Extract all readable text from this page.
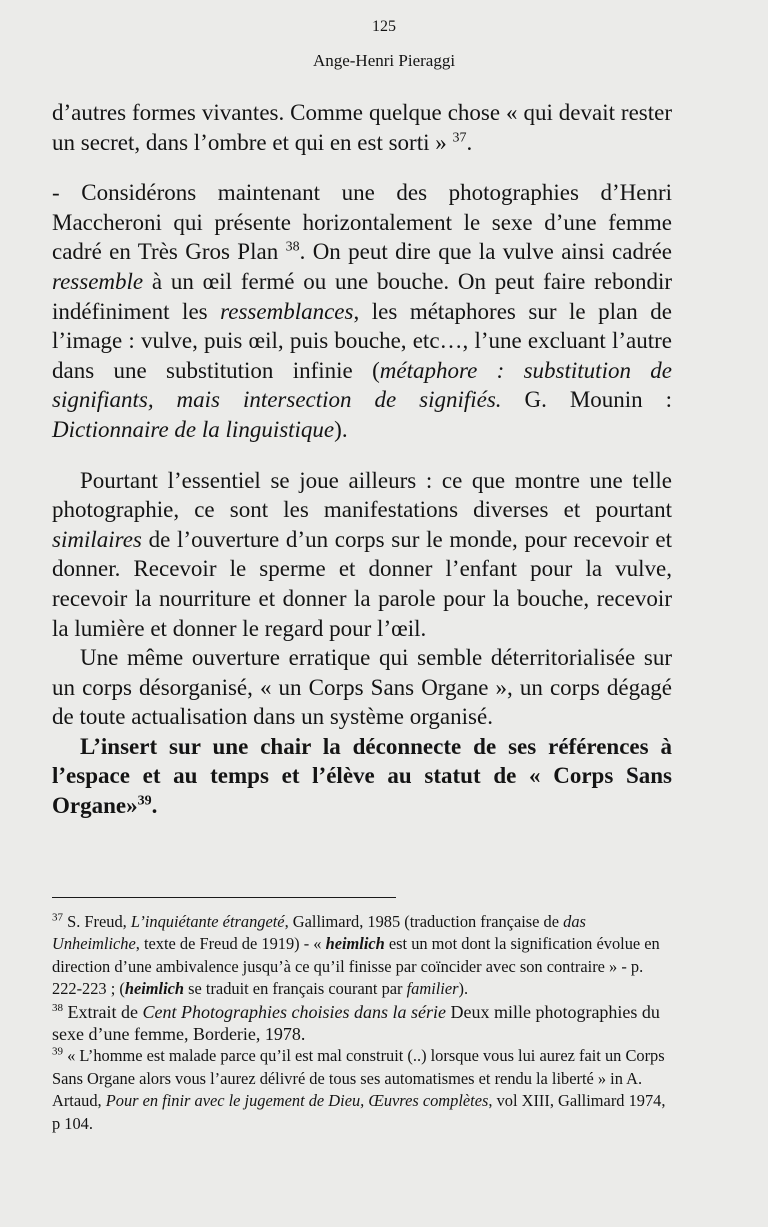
125
Ange-Henri Pieraggi

d’autres formes vivantes. Comme quelque chose « qui devait rester un secret, dans l’ombre et qui en est sorti » $^{37}$.

- Considérons maintenant une des photographies d’Henri Maccheroni qui présente horizontalement le sexe d’une femme cadré en Très Gros Plan $^{38}$. On peut dire que la vulve ainsi cadrée ressemble à un œil fermé ou une bouche. On peut faire rebondir indéfiniment les ressemblances, les métaphores sur le plan de l’image : vulve, puis œil, puis bouche, etc…, l’une excluant l’autre dans une substitution infinie (métaphore : substitution de signifiants, mais intersection de signifiés. G. Mounin : Dictionnaire de la linguistique).

Pourtant l’essentiel se joue ailleurs : ce que montre une telle photographie, ce sont les manifestations diverses et pourtant similaires de l’ouverture d’un corps sur le monde, pour recevoir et donner. Recevoir le sperme et donner l’enfant pour la vulve, recevoir la nourriture et donner la parole pour la bouche, recevoir la lumière et donner le regard pour l’œil.

Une même ouverture erratique qui semble déterritorialisée sur un corps désorganisé, « un Corps Sans Organe », un corps dégagé de toute actualisation dans un système organisé.

L’insert sur une chair la déconnecte de ses références à l’espace et au temps et l’élève au statut de « Corps Sans Organe»$^{39}$.

$^{37}$ S. Freud, L’inquiétante étrangeté, Gallimard, 1985 (traduction française de das Unheimliche, texte de Freud de 1919) - « heimlich est un mot dont la signification évolue en direction d’une ambivalence jusqu’à ce qu’il finisse par coïncider avec son contraire » - p. 222-223 ; (heimlich se traduit en français courant par familier).

$^{38}$ Extrait de Cent Photographies choisies dans la série Deux mille photographies du sexe d’une femme, Borderie, 1978.

$^{39}$ « L’homme est malade parce qu’il est mal construit (..) lorsque vous lui aurez fait un Corps Sans Organe alors vous l’aurez délivré de tous ses automatismes et rendu la liberté » in A. Artaud, Pour en finir avec le jugement de Dieu, Œuvres complètes, vol XIII, Gallimard 1974, p 104.
